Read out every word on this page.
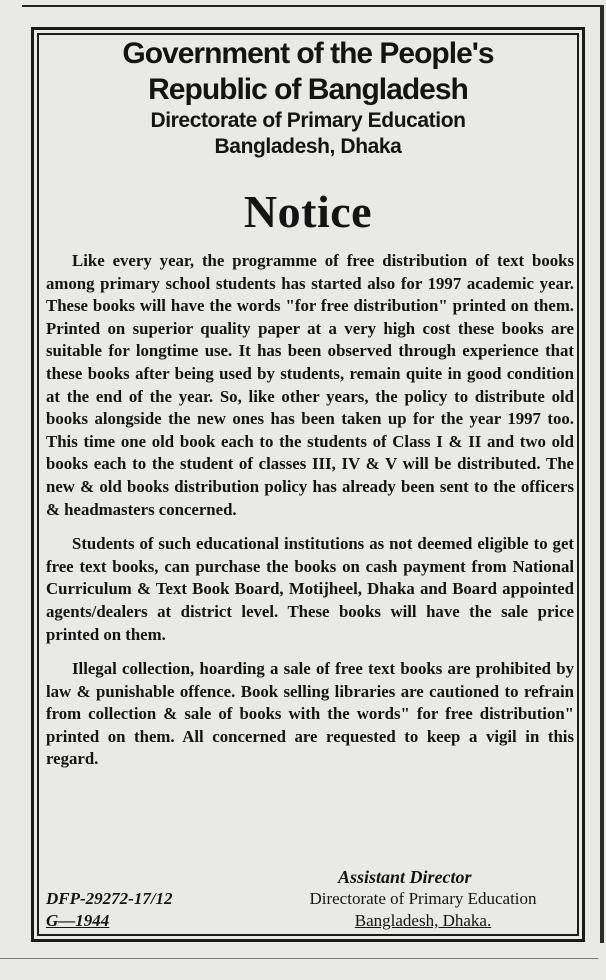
Government of the People's
Republic of Bangladesh
Directorate of Primary Education
Bangladesh, Dhaka
Notice

Like every year, the programme of free distribution of text books among primary school students has started also for 1997 academic year. These books will have the words "for free distribution" printed on them. Printed on superior quality paper at a very high cost these books are suitable for longtime use. It has been observed through experience that these books after being used by students, remain quite in good condition at the end of the year. So, like other years, the policy to distribute old books alongside the new ones has been taken up for the year 1997 too. This time one old book each to the students of Class I & II and two old books each to the student of classes III, IV & V will be distributed. The new & old books distribution policy has already been sent to the officers & headmasters concerned.

Students of such educational institutions as not deemed eligible to get free text books, can purchase the books on cash payment from National Curriculum & Text Book Board, Motijheel, Dhaka and Board appointed agents/dealers at district level. These books will have the sale price printed on them.

Illegal collection, hoarding a sale of free text books are prohibited by law & punishable offence. Book selling libraries are cautioned to refrain from collection & sale of books with the words" for free distribution" printed on them. All concerned are requested to keep a vigil in this regard.

DFP-29272-17/12
G—1944
Assistant Director
Directorate of Primary Education
Bangladesh, Dhaka.
